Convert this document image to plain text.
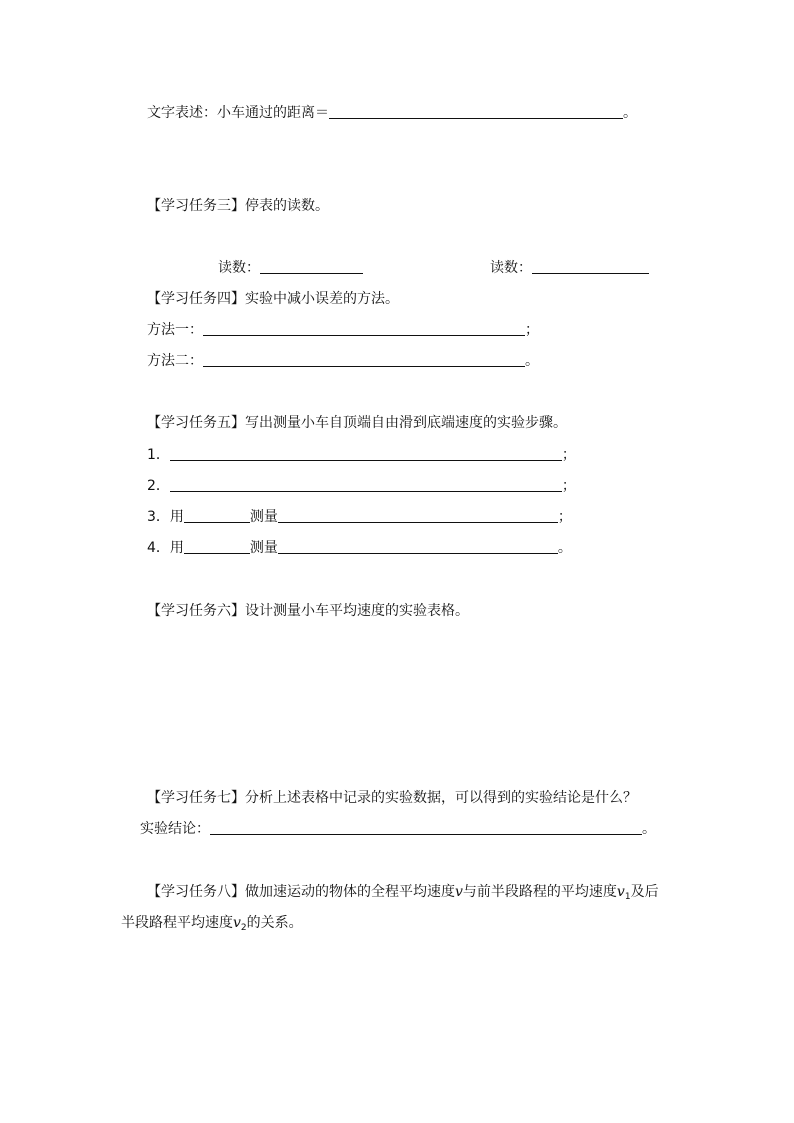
文字表述：小车通过的距离＝	。
【学习任务三】停表的读数。
读数：	读数：
【学习任务四】实验中减小误差的方法。
方法一：	；
方法二：	。
【学习任务五】写出测量小车自顶端自由滑到底端速度的实验步骤。
1．	；
2．	；
3．用	测量	；
4．用	测量	。
【学习任务六】设计测量小车平均速度的实验表格。
【学习任务七】分析上述表格中记录的实验数据，可以得到的实验结论是什么？
实验结论：	。
【学习任务八】做加速运动的物体的全程平均速度v与前半段路程的平均速度$v_1$及后
半段路程平均速度$v_2$的关系。
